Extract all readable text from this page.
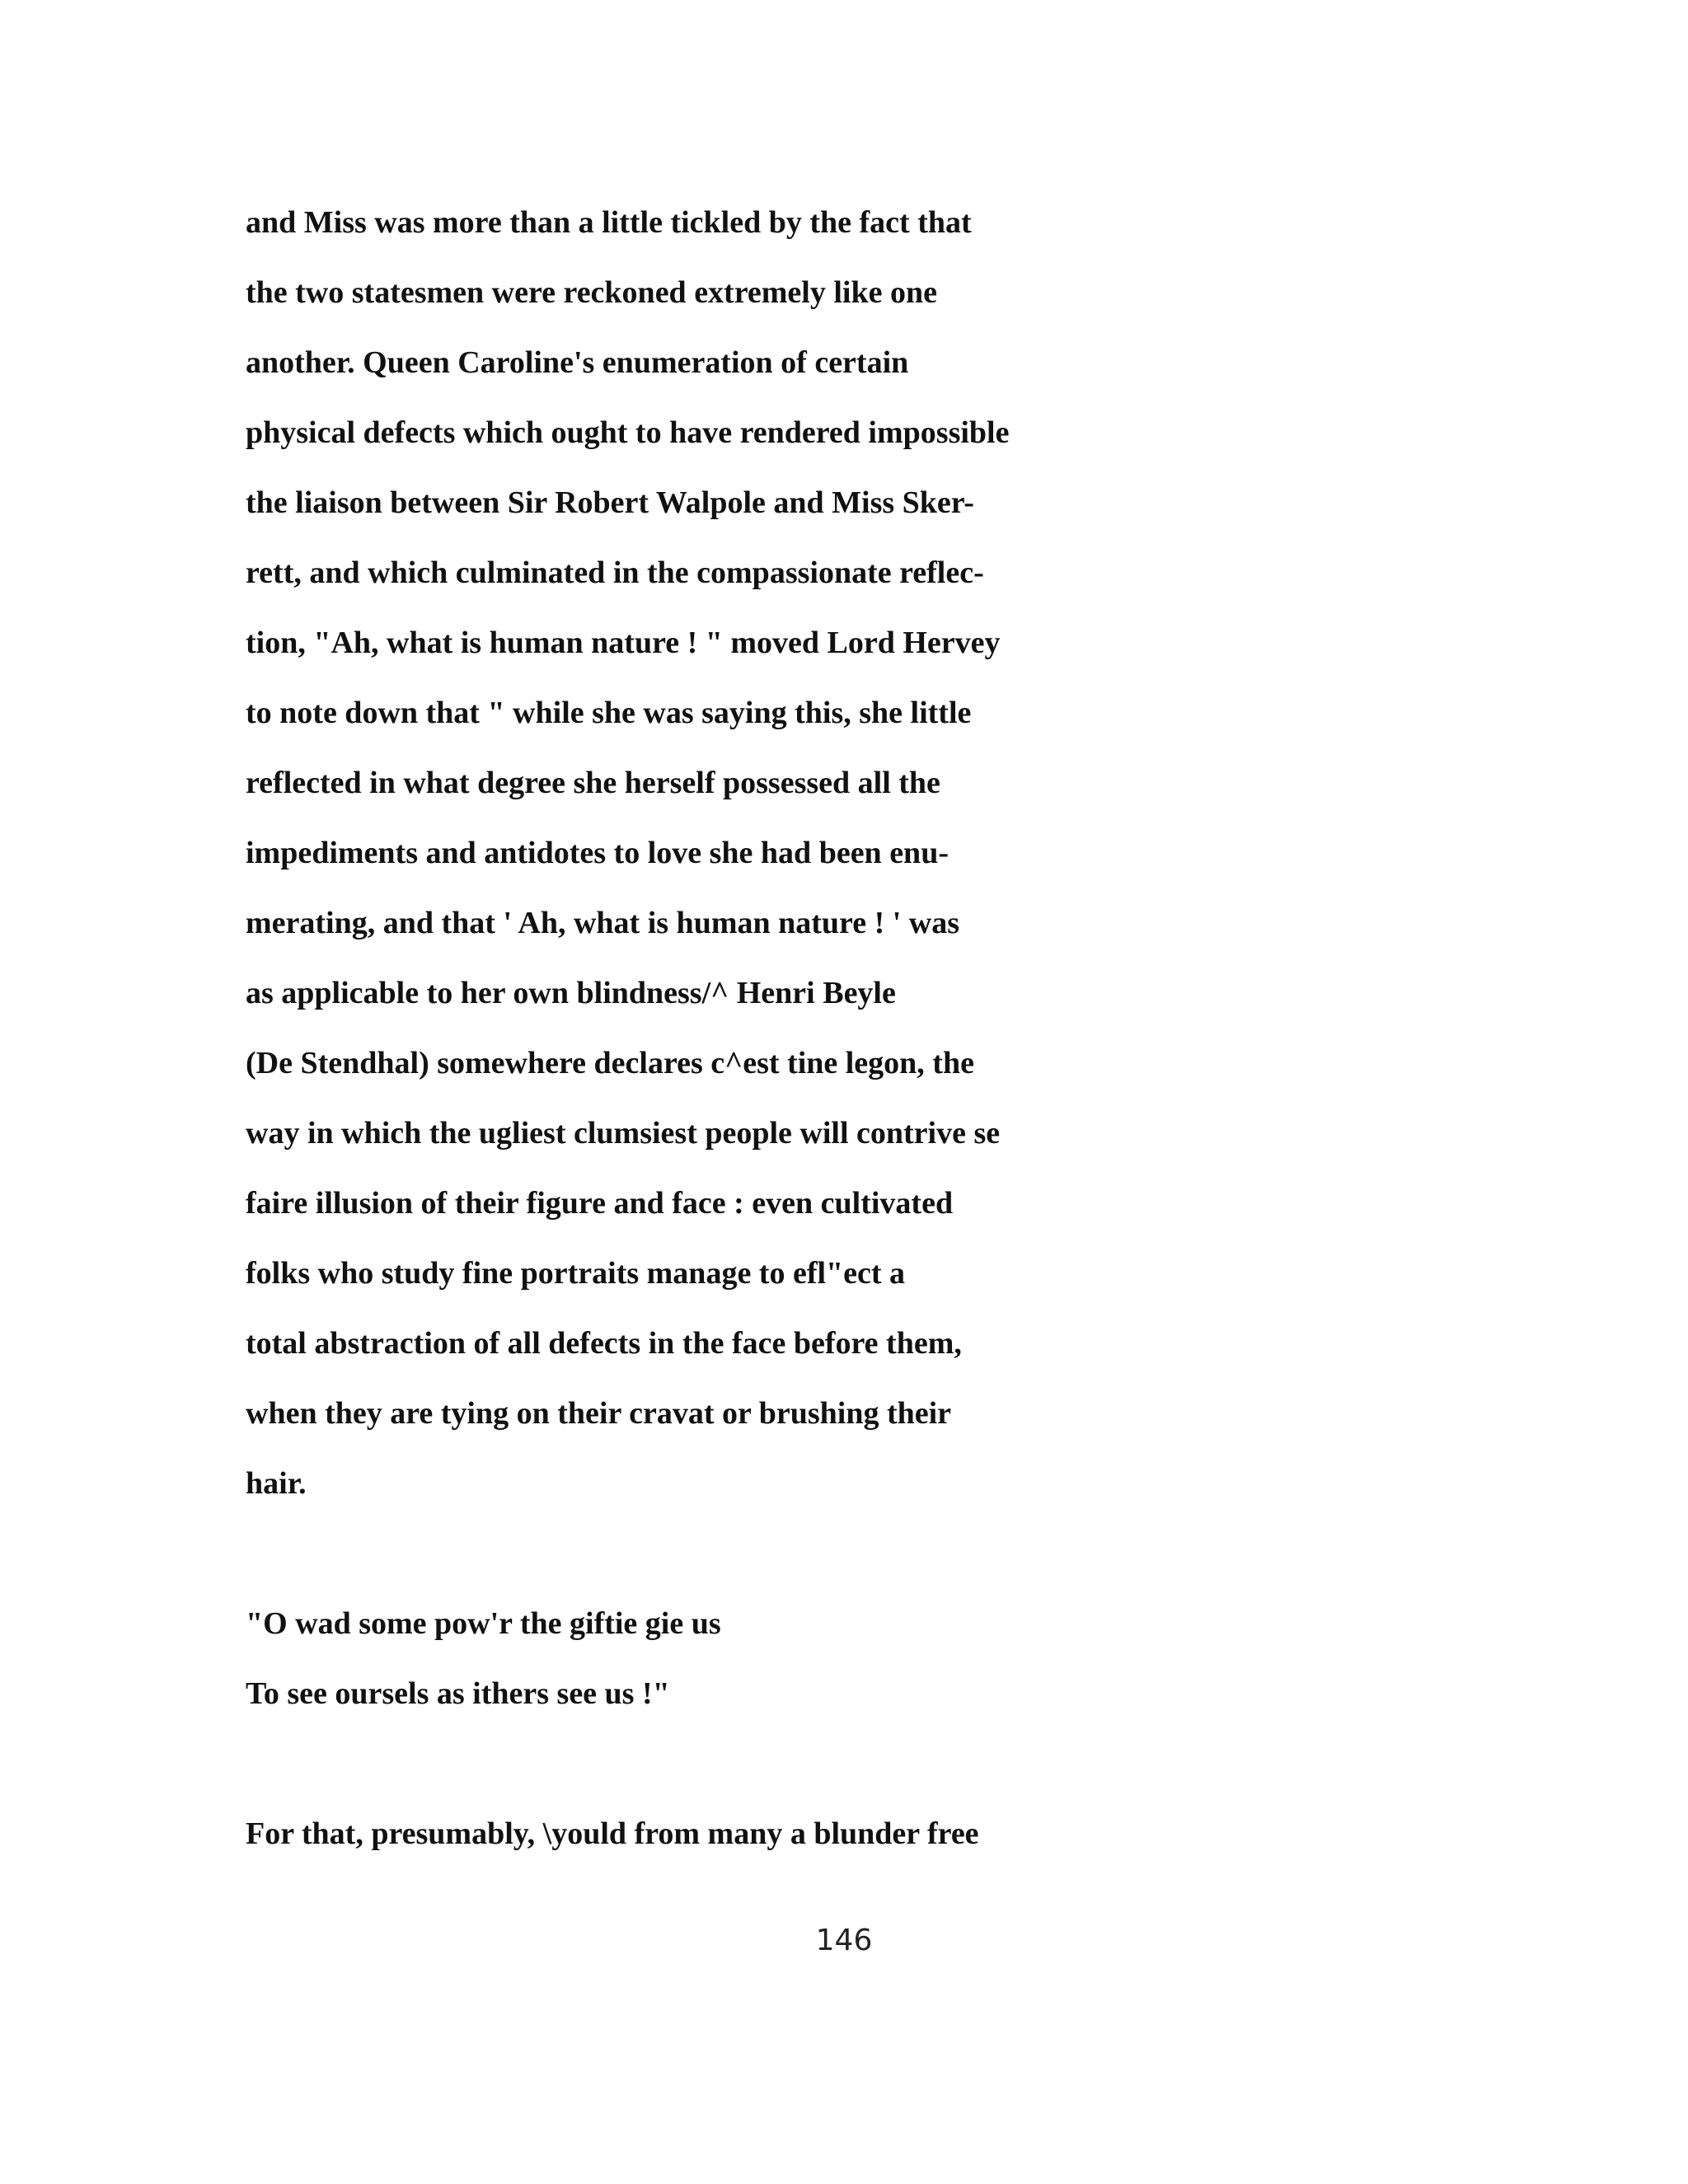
and Miss was more than a little tickled by the fact that
the two statesmen were reckoned extremely like one
another. Queen Caroline's enumeration of certain
physical defects which ought to have rendered impossible
the liaison between Sir Robert Walpole and Miss Sker-
rett, and which culminated in the compassionate reflec-
tion, "Ah, what is human nature ! " moved Lord Hervey
to note down that " while she was saying this, she little
reflected in what degree she herself possessed all the
impediments and antidotes to love she had been enu-
merating, and that ' Ah, what is human nature ! ' was
as applicable to her own blindness/^ Henri Beyle
(De Stendhal) somewhere declares c^est tine legon, the
way in which the ugliest clumsiest people will contrive se
faire illusion of their figure and face : even cultivated
folks who study fine portraits manage to efl"ect a
total abstraction of all defects in the face before them,
when they are tying on their cravat or brushing their
hair.
"O wad some pow'r the giftie gie us
To see oursels as ithers see us !"
For that, presumably, \yould from many a blunder free
146
